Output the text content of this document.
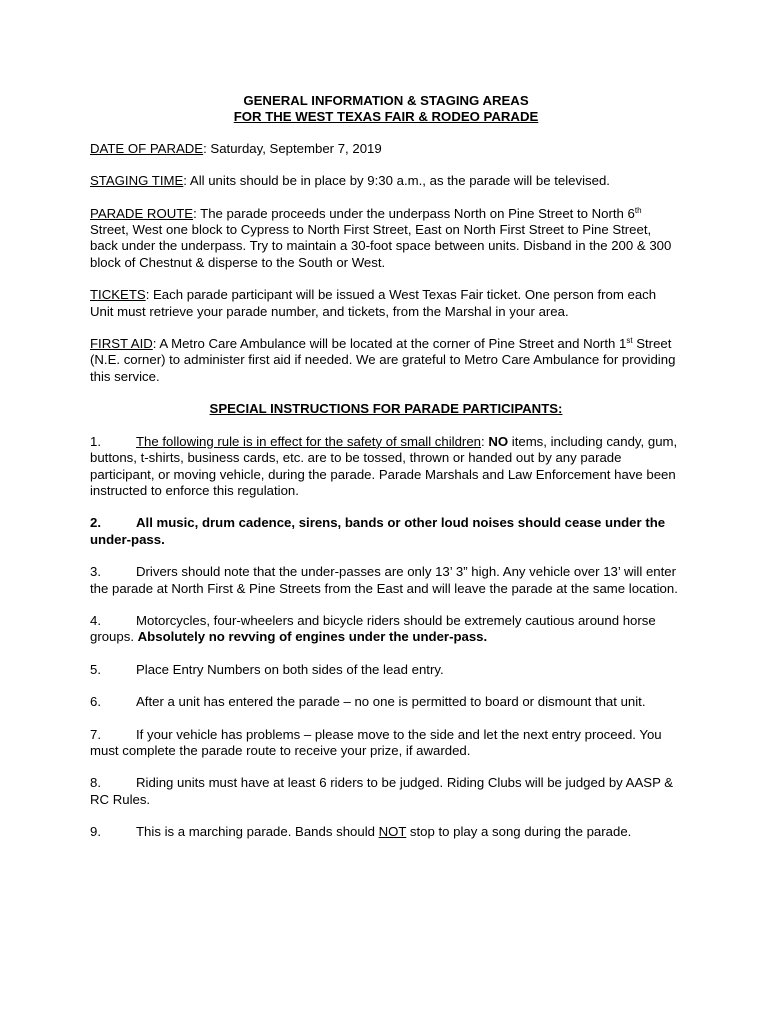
GENERAL INFORMATION & STAGING AREAS
FOR THE WEST TEXAS FAIR & RODEO PARADE

DATE OF PARADE: Saturday, September 7, 2019

STAGING TIME: All units should be in place by 9:30 a.m., as the parade will be televised.

PARADE ROUTE: The parade proceeds under the underpass North on Pine Street to North 6th Street, West one block to Cypress to North First Street, East on North First Street to Pine Street, back under the underpass. Try to maintain a 30-foot space between units. Disband in the 200 & 300 block of Chestnut & disperse to the South or West.

TICKETS: Each parade participant will be issued a West Texas Fair ticket. One person from each Unit must retrieve your parade number, and tickets, from the Marshal in your area.

FIRST AID: A Metro Care Ambulance will be located at the corner of Pine Street and North 1st Street (N.E. corner) to administer first aid if needed. We are grateful to Metro Care Ambulance for providing this service.

SPECIAL INSTRUCTIONS FOR PARADE PARTICIPANTS:

1.	The following rule is in effect for the safety of small children: NO items, including candy, gum, buttons, t-shirts, business cards, etc. are to be tossed, thrown or handed out by any parade participant, or moving vehicle, during the parade. Parade Marshals and Law Enforcement have been instructed to enforce this regulation.

2.	All music, drum cadence, sirens, bands or other loud noises should cease under the under-pass.

3.	Drivers should note that the under-passes are only 13’ 3” high. Any vehicle over 13’ will enter the parade at North First & Pine Streets from the East and will leave the parade at the same location.

4.	Motorcycles, four-wheelers and bicycle riders should be extremely cautious around horse groups. Absolutely no revving of engines under the under-pass.

5.	Place Entry Numbers on both sides of the lead entry.

6.	After a unit has entered the parade – no one is permitted to board or dismount that unit.

7.	If your vehicle has problems – please move to the side and let the next entry proceed. You must complete the parade route to receive your prize, if awarded.

8.	Riding units must have at least 6 riders to be judged. Riding Clubs will be judged by AASP & RC Rules.

9.	This is a marching parade. Bands should NOT stop to play a song during the parade.
